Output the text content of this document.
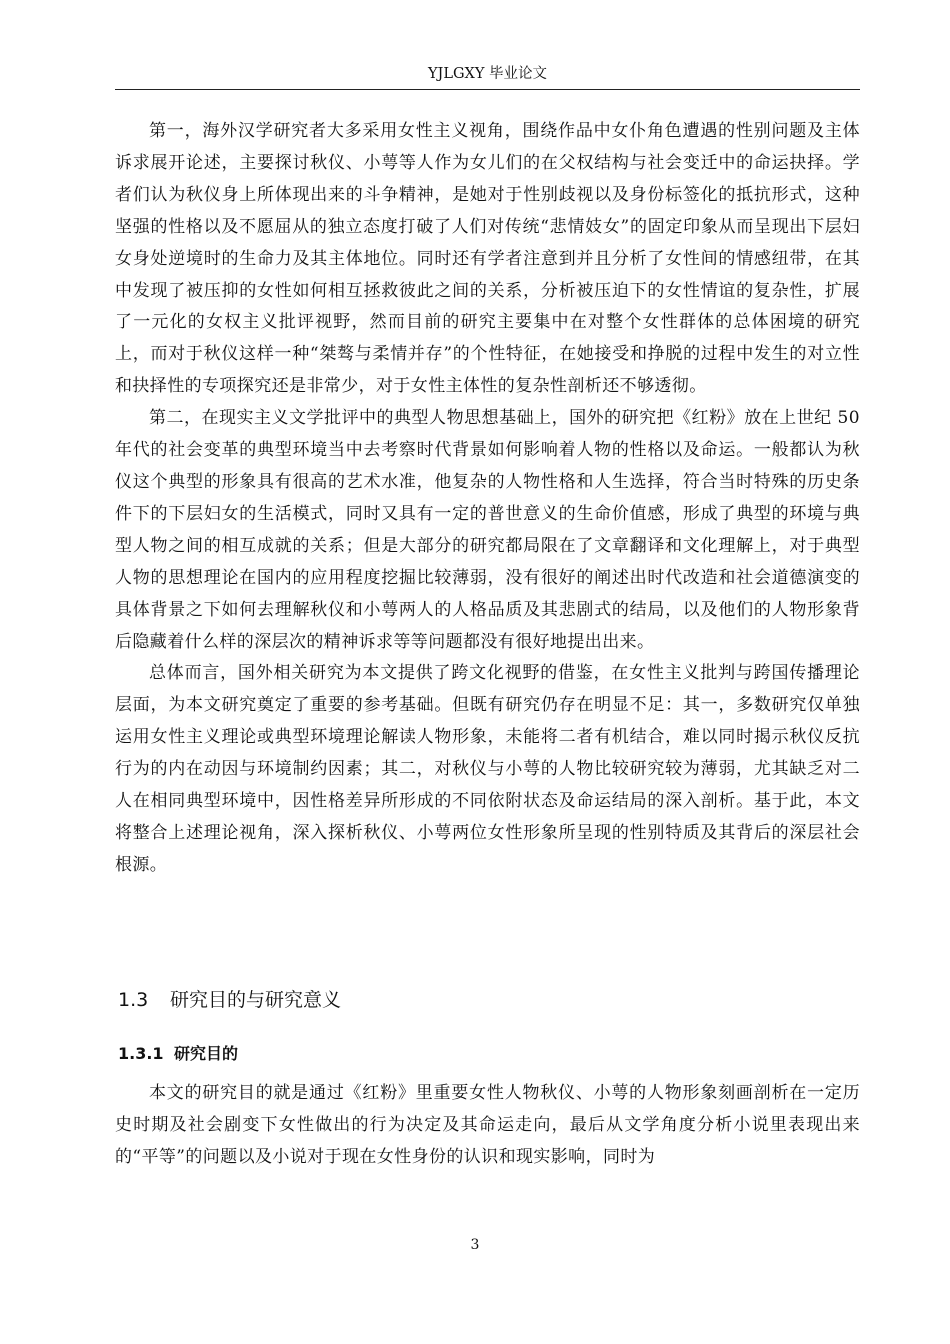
YJLGXY 毕业论文

第一，海外汉学研究者大多采用女性主义视角，围绕作品中女仆角色遭遇的性别问题及主体诉求展开论述，主要探讨秋仪、小萼等人作为女儿们的在父权结构与社会变迁中的命运抉择。学者们认为秋仪身上所体现出来的斗争精神，是她对于性别歧视以及身份标签化的抵抗形式，这种坚强的性格以及不愿屈从的独立态度打破了人们对传统“悲情妓女”的固定印象从而呈现出下层妇女身处逆境时的生命力及其主体地位。同时还有学者注意到并且分析了女性间的情感纽带，在其中发现了被压抑的女性如何相互拯救彼此之间的关系，分析被压迫下的女性情谊的复杂性，扩展了一元化的女权主义批评视野，然而目前的研究主要集中在对整个女性群体的总体困境的研究上，而对于秋仪这样一种“桀骜与柔情并存”的个性特征，在她接受和挣脱的过程中发生的对立性和抉择性的专项探究还是非常少，对于女性主体性的复杂性剖析还不够透彻。

第二，在现实主义文学批评中的典型人物思想基础上，国外的研究把《红粉》放在上世纪 50 年代的社会变革的典型环境当中去考察时代背景如何影响着人物的性格以及命运。一般都认为秋仪这个典型的形象具有很高的艺术水准，他复杂的人物性格和人生选择，符合当时特殊的历史条件下的下层妇女的生活模式，同时又具有一定的普世意义的生命价值感，形成了典型的环境与典型人物之间的相互成就的关系；但是大部分的研究都局限在了文章翻译和文化理解上，对于典型人物的思想理论在国内的应用程度挖掘比较薄弱，没有很好的阐述出时代改造和社会道德演变的具体背景之下如何去理解秋仪和小萼两人的人格品质及其悲剧式的结局，以及他们的人物形象背后隐藏着什么样的深层次的精神诉求等等问题都没有很好地提出出来。

总体而言，国外相关研究为本文提供了跨文化视野的借鉴，在女性主义批判与跨国传播理论层面，为本文研究奠定了重要的参考基础。但既有研究仍存在明显不足：其一，多数研究仅单独运用女性主义理论或典型环境理论解读人物形象，未能将二者有机结合，难以同时揭示秋仪反抗行为的内在动因与环境制约因素；其二，对秋仪与小萼的人物比较研究较为薄弱，尤其缺乏对二人在相同典型环境中，因性格差异所形成的不同依附状态及命运结局的深入剖析。基于此，本文将整合上述理论视角，深入探析秋仪、小萼两位女性形象所呈现的性别特质及其背后的深层社会根源。

1.3 研究目的与研究意义
1.3.1 研究目的

本文的研究目的就是通过《红粉》里重要女性人物秋仪、小萼的人物形象刻画剖析在一定历史时期及社会剧变下女性做出的行为决定及其命运走向，最后从文学角度分析小说里表现出来的“平等”的问题以及小说对于现在女性身份的认识和现实影响，同时为

3
